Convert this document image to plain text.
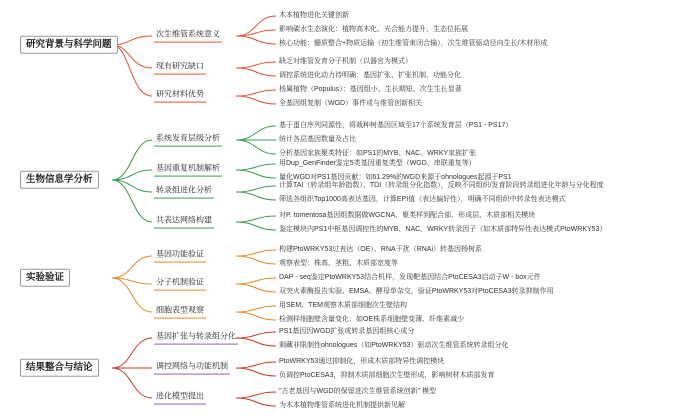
研究背景与科学问题
次生维管系统意义
木本植物进化关键创新
影响碳水生态演化：植物高木化、光合能力提升、生态位拓展
核心功能：髓质整合+物质运输（初生维管束闭合输），次生维管驱动径向生长/木材形成
现有研究缺口	缺乏对维管发育分子机制（以器官为模式）
调控系统进化动力待明确：基因扩张、扩张机制、功能分化
研究材料优势	杨属植物（Populus）：基因组小、生长期短、次生生长显著
全基因组复制（WGD）事件或与维管创新相关
生物信息学分析
系统发育层级分析
基于蛋白序列同源性，将栽种树基因区域至17个系统发育层（PS1 - PS17）
统计各层基因数量及占比
分析基因家族聚类特征：如PS1的MYB、NAC、WRKY家族扩张
基因重复机制解析	用Dup_GenFinder鉴定5类基因重复类型（WGD、串联重复等）
量化WGD对PS1基因贡献：如61.29%的WGD来源于ohnologues起源于PS1
转录组进化分析	计算TAI（转录组年龄指数）、TDI（转录组分化指数），反映不同组织/发育阶段转录组进化年龄与分化程度
筛选各组织Top1000高表达基因，计算EPI值（表达偏好性），明确不同组织中转录性表达模式
共表达网络构建	对P. tomentosa基因组数据做WGCNA，聚类样到配合部、形成层、木质部相关模块
鉴定模块内PS1中枢基因调控性的MYB、NAC、WRKY转录因子（如木质部特异性表达模式PtoWRKY53）
实验验证
基因功能验证	构建PtoWRKY53过表达（OE）、RNA干扰（RNAi）转基因杨树系
观察表型：株高、茎粗、木质部宽度等
分子机制验证	DAP - seq鉴定PtoWRKY53结合机样，发现靶基因结合PtoCESA3启动子W - box元件
双突火素酶报告实验、EMSA、酵母单杂交，验证PtoWRKY53对PtoCESA3转录抑制作用
细胞表型观察	用SEM、TEM观察木质部细胞次生壁结构
检测样细胞壁含量变化：如OE株系细胞壁变薄、纤维素减少
结果整合与结论
基因扩张与转录组分化	PS1基因因WGD扩张或转录基因组核心成分
剩藏非限制性ohnologues（如PtoWRKY53）驱动次生维管系统转录组分化
调控网络与功能机制	PtoWRKY53通过抑制化，形成木质部特异性调控模块
负调控PtoCESA3，抑制木质部细胞次生壁形成，影响树材木质部发育
进化模型提出	"古老基因与WGD的保留进次生维管系统创新" 模型
为木本植物维管系统进化机制提供新见解
